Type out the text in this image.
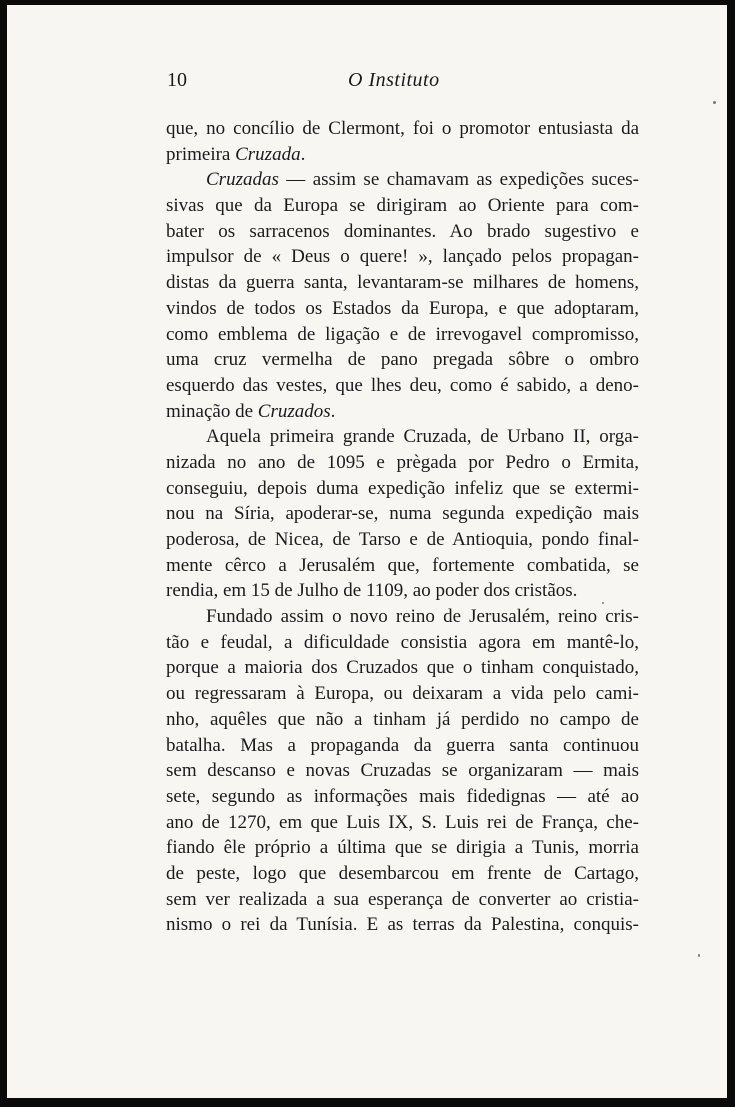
10	O Instituto
que, no concílio de Clermont, foi o promotor entusiasta da
primeira Cruzada.
Cruzadas — assim se chamavam as expedições suces-
sivas que da Europa se dirigiram ao Oriente para com-
bater os sarracenos dominantes. Ao brado sugestivo e
impulsor de « Deus o quere! », lançado pelos propagan-
distas da guerra santa, levantaram-se milhares de homens,
vindos de todos os Estados da Europa, e que adoptaram,
como emblema de ligação e de irrevogavel compromisso,
uma cruz vermelha de pano pregada sôbre o ombro
esquerdo das vestes, que lhes deu, como é sabido, a deno-
minação de Cruzados.
Aquela primeira grande Cruzada, de Urbano II, orga-
nizada no ano de 1095 e prègada por Pedro o Ermita,
conseguiu, depois duma expedição infeliz que se extermi-
nou na Síria, apoderar-se, numa segunda expedição mais
poderosa, de Nicea, de Tarso e de Antioquia, pondo final-
mente cêrco a Jerusalém que, fortemente combatida, se
rendia, em 15 de Julho de 1109, ao poder dos cristãos.
Fundado assim o novo reino de Jerusalém, reino cris-
tão e feudal, a dificuldade consistia agora em mantê-lo,
porque a maioria dos Cruzados que o tinham conquistado,
ou regressaram à Europa, ou deixaram a vida pelo cami-
nho, aquêles que não a tinham já perdido no campo de
batalha. Mas a propaganda da guerra santa continuou
sem descanso e novas Cruzadas se organizaram — mais
sete, segundo as informações mais fidedignas — até ao
ano de 1270, em que Luis IX, S. Luis rei de França, che-
fiando êle próprio a última que se dirigia a Tunis, morria
de peste, logo que desembarcou em frente de Cartago,
sem ver realizada a sua esperança de converter ao cristia-
nismo o rei da Tunísia. E as terras da Palestina, conquis-
